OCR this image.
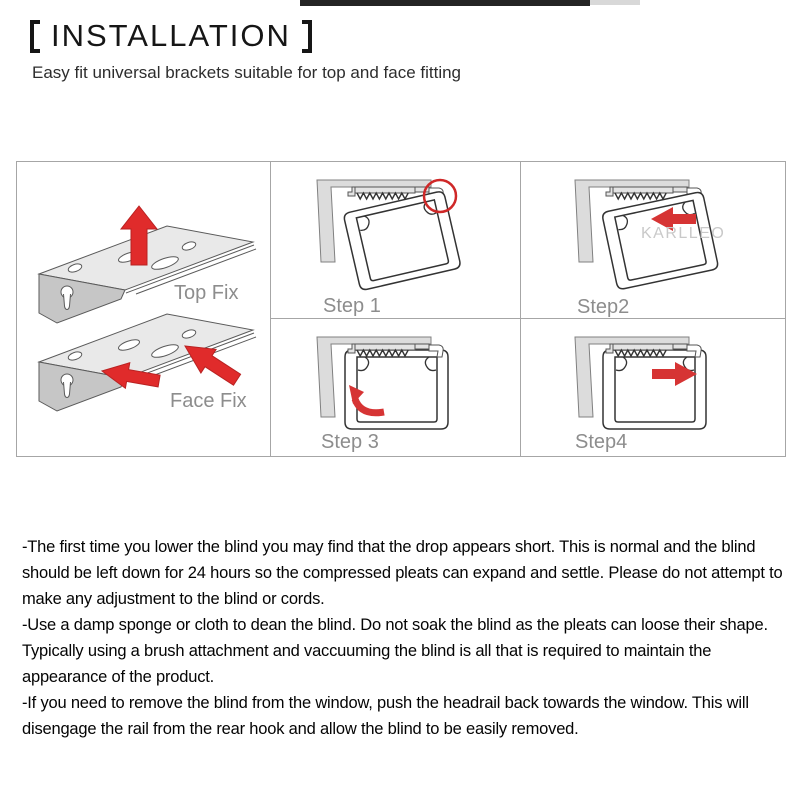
INSTALLATION
Easy fit universal brackets suitable for top and face fitting
Top Fix
Face Fix
Step 1
KARLLEO
Step2
Step 3	Step4
-The first time you lower the blind you may find that the drop appears short. This is normal and the blind
should be left down for 24 hours so the compressed pleats can expand and settle. Please do not attempt to
make any adjustment to the blind or cords.
-Use a damp sponge or cloth to dean the blind. Do not soak the blind as the pleats can loose their shape.
Typically using a brush attachment and vaccuuming the blind is all that is required to maintain the
appearance of the product.
-If you need to remove the blind from the window, push the headrail back towards the window. This will
disengage the rail from the rear hook and allow the blind to be easily removed.
